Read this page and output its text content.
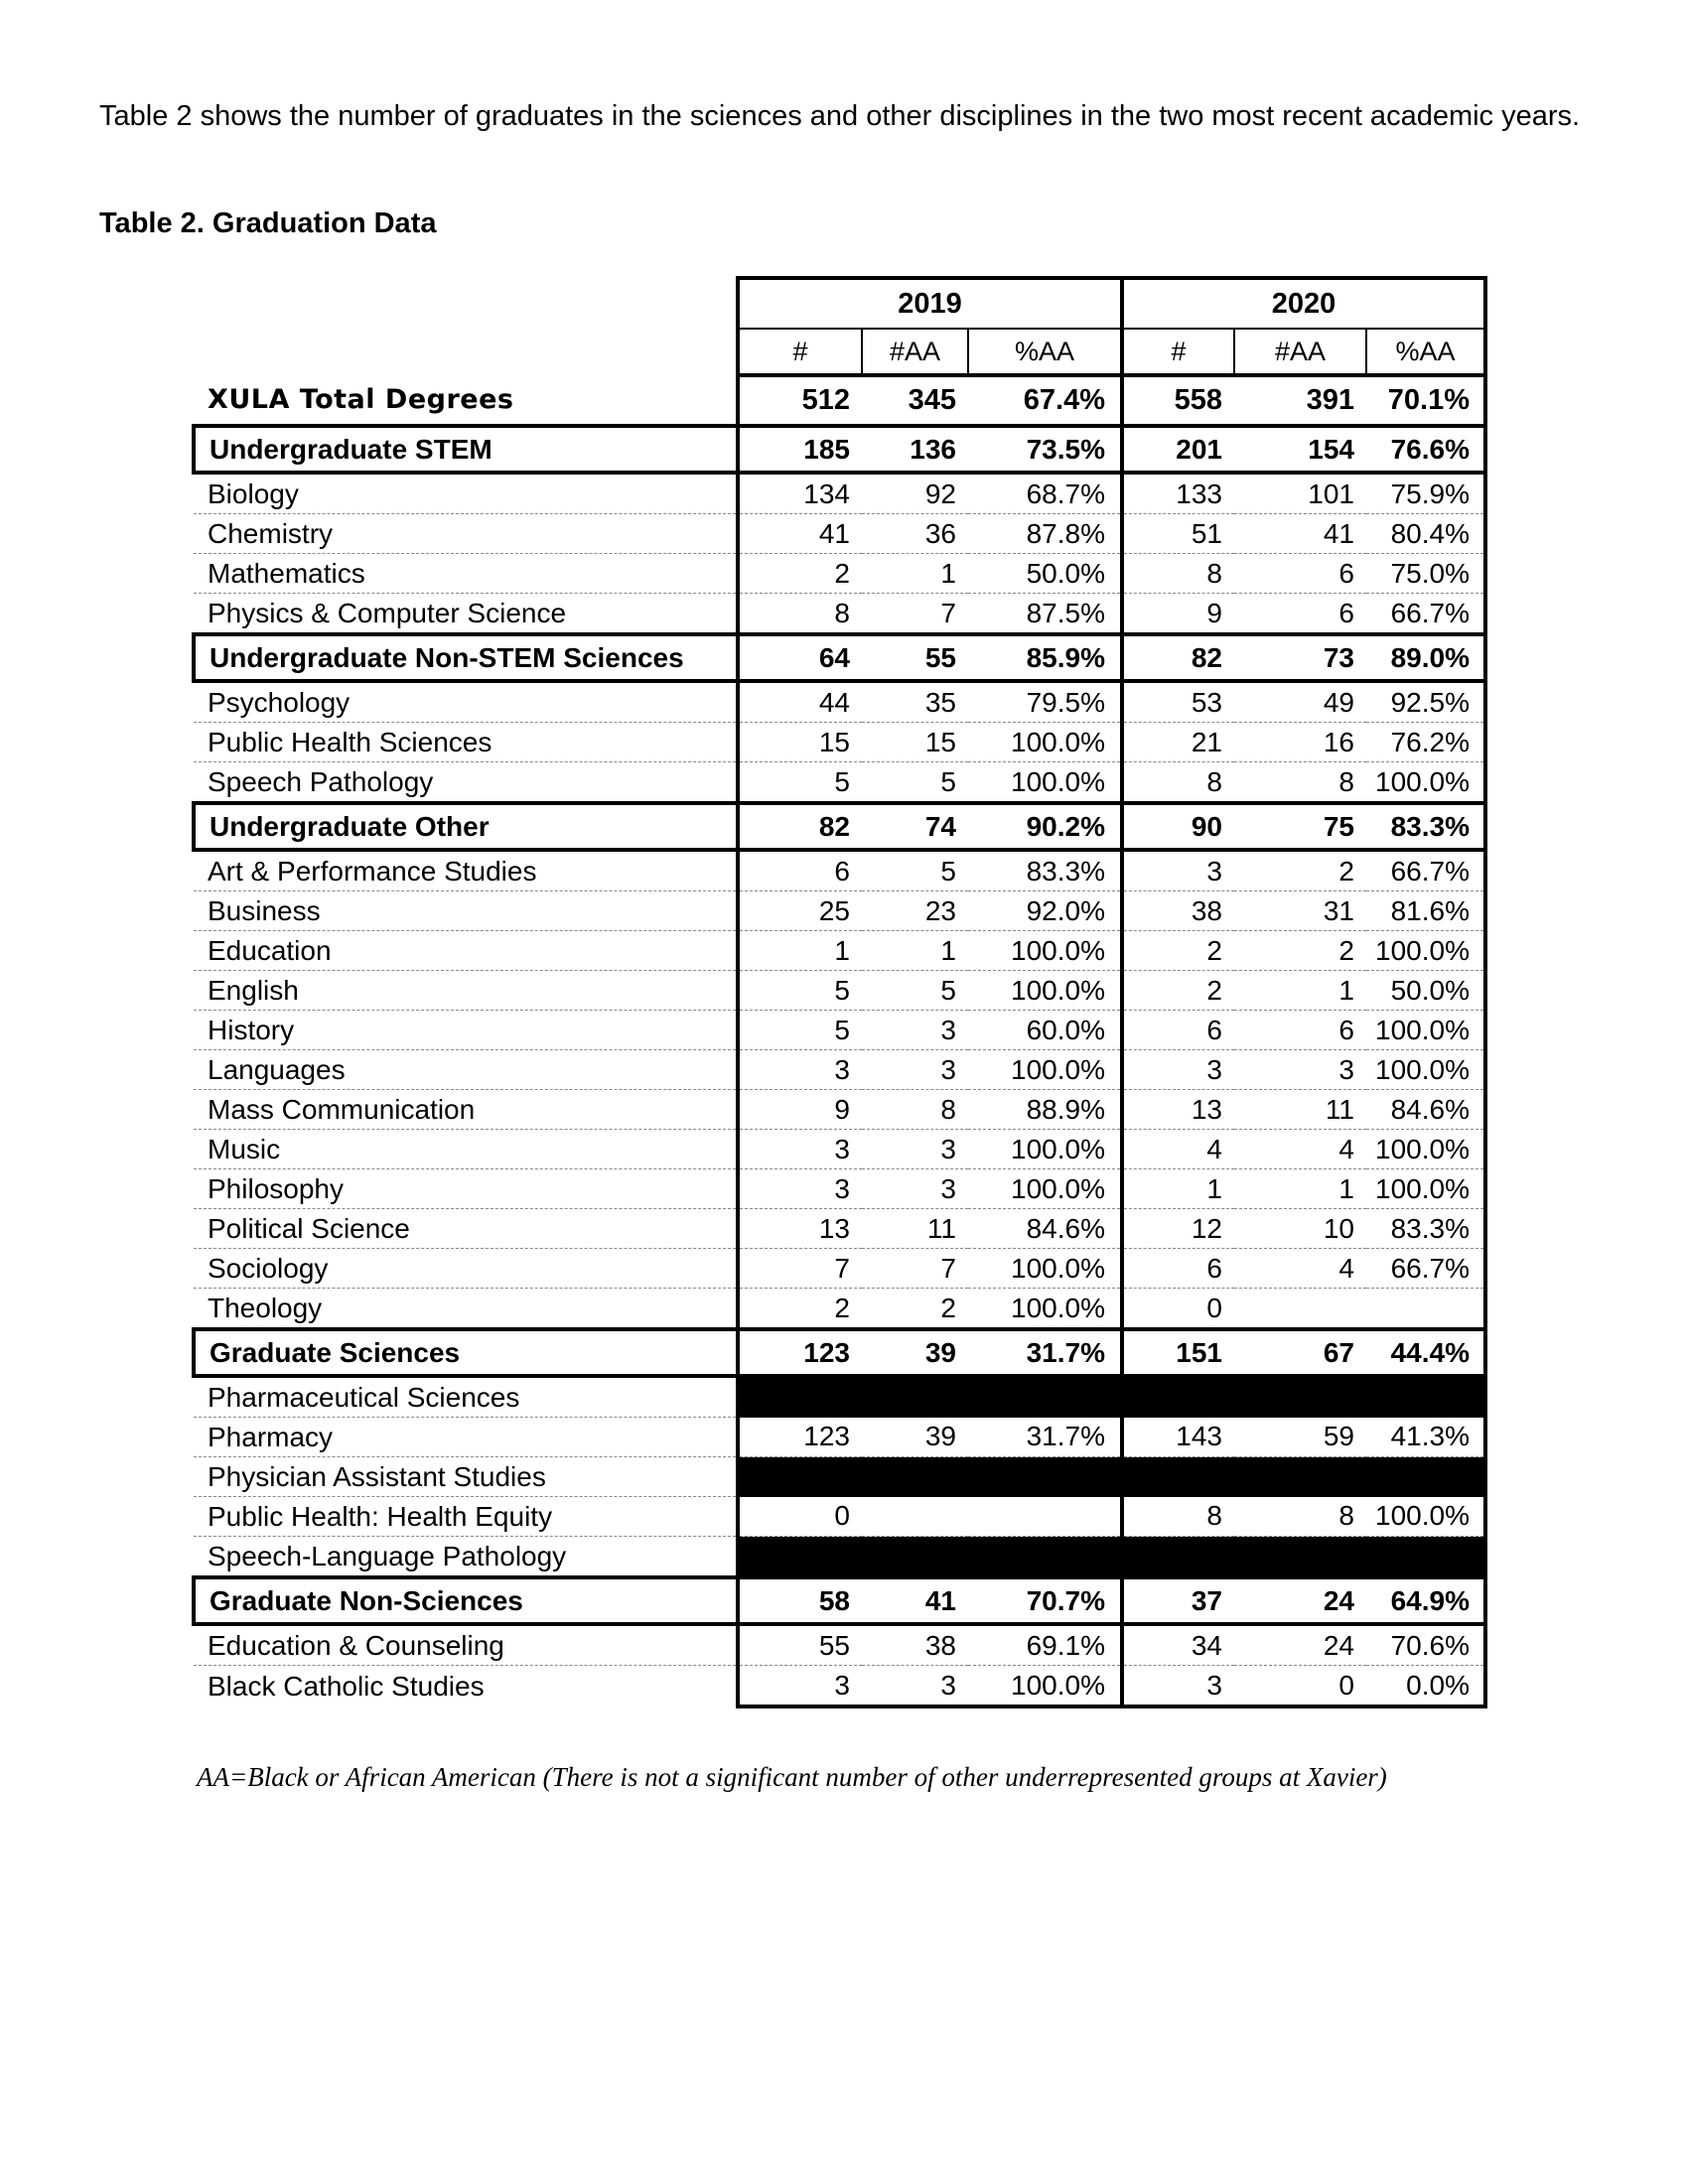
Table 2 shows the number of graduates in the sciences and other disciplines in the two most recent academic years.

Table 2. Graduation Data

	2019			2020		
	#	#AA	%AA	#	#AA	%AA
XULA Total Degrees	512	345	67.4%	558	391	70.1%
Undergraduate STEM	185	136	73.5%	201	154	76.6%
Biology	134	92	68.7%	133	101	75.9%
Chemistry	41	36	87.8%	51	41	80.4%
Mathematics	2	1	50.0%	8	6	75.0%
Physics & Computer Science	8	7	87.5%	9	6	66.7%
Undergraduate Non-STEM Sciences	64	55	85.9%	82	73	89.0%
Psychology	44	35	79.5%	53	49	92.5%
Public Health Sciences	15	15	100.0%	21	16	76.2%
Speech Pathology	5	5	100.0%	8	8	100.0%
Undergraduate Other	82	74	90.2%	90	75	83.3%
Art & Performance Studies	6	5	83.3%	3	2	66.7%
Business	25	23	92.0%	38	31	81.6%
Education	1	1	100.0%	2	2	100.0%
English	5	5	100.0%	2	1	50.0%
History	5	3	60.0%	6	6	100.0%
Languages	3	3	100.0%	3	3	100.0%
Mass Communication	9	8	88.9%	13	11	84.6%
Music	3	3	100.0%	4	4	100.0%
Philosophy	3	3	100.0%	1	1	100.0%
Political Science	13	11	84.6%	12	10	83.3%
Sociology	7	7	100.0%	6	4	66.7%
Theology	2	2	100.0%	0		
Graduate Sciences	123	39	31.7%	151	67	44.4%
Pharmaceutical Sciences						
Pharmacy	123	39	31.7%	143	59	41.3%
Physician Assistant Studies						
Public Health: Health Equity	0			8	8	100.0%
Speech-Language Pathology						
Graduate Non-Sciences	58	41	70.7%	37	24	64.9%
Education & Counseling	55	38	69.1%	34	24	70.6%
Black Catholic Studies	3	3	100.0%	3	0	0.0%

AA=Black or African American (There is not a significant number of other underrepresented groups at Xavier)
